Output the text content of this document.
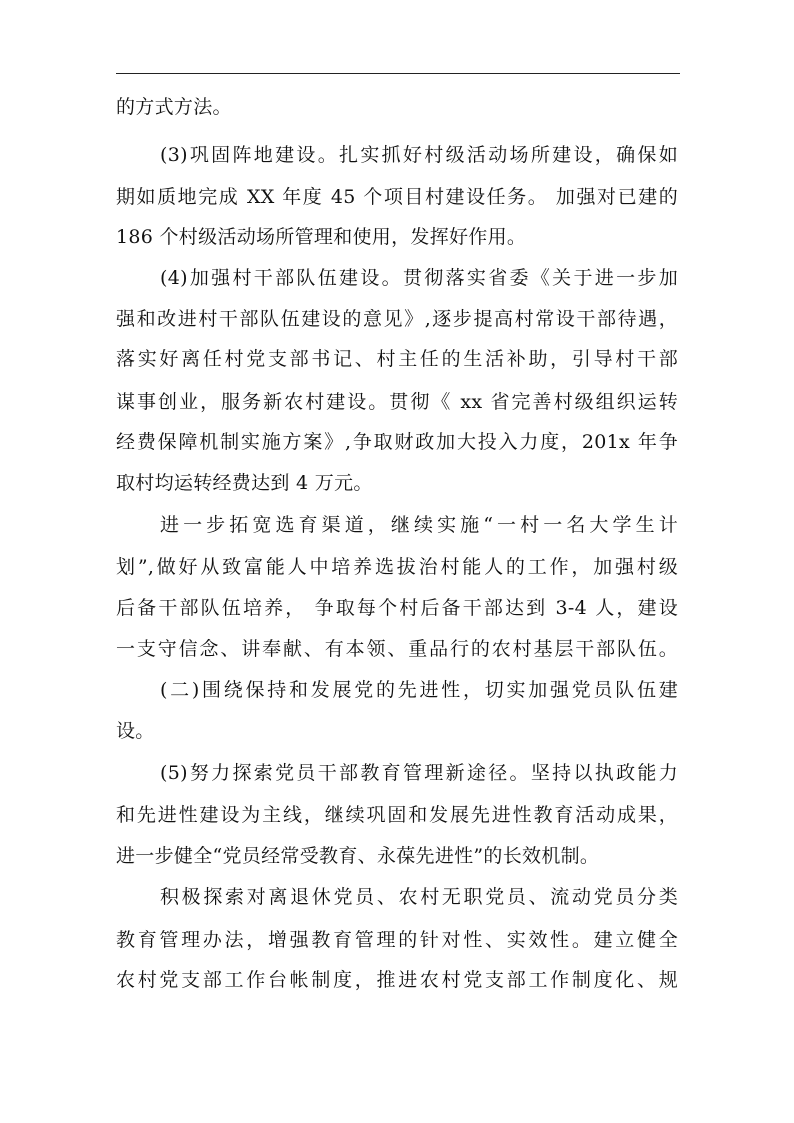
的方式方法。
(3)巩固阵地建设。扎实抓好村级活动场所建设，确保如
期如质地完成 XX 年度 45 个项目村建设任务。 加强对已建的
186 个村级活动场所管理和使用，发挥好作用。
(4)加强村干部队伍建设。贯彻落实省委《关于进一步加
强和改进村干部队伍建设的意见》,逐步提高村常设干部待遇，
落实好离任村党支部书记、村主任的生活补助，引导村干部
谋事创业，服务新农村建设。贯彻《 xx 省完善村级组织运转
经费保障机制实施方案》,争取财政加大投入力度，201x 年争
取村均运转经费达到 4 万元。
进一步拓宽选育渠道，继续实施“一村一名大学生计
划”,做好从致富能人中培养选拔治村能人的工作，加强村级
后备干部队伍培养， 争取每个村后备干部达到 3-4 人，建设
一支守信念、讲奉献、有本领、重品行的农村基层干部队伍。
(二)围绕保持和发展党的先进性，切实加强党员队伍建
设。
(5)努力探索党员干部教育管理新途径。坚持以执政能力
和先进性建设为主线，继续巩固和发展先进性教育活动成果，
进一步健全“党员经常受教育、永葆先进性”的长效机制。
积极探索对离退休党员、农村无职党员、流动党员分类
教育管理办法，增强教育管理的针对性、实效性。建立健全
农村党支部工作台帐制度，推进农村党支部工作制度化、规
